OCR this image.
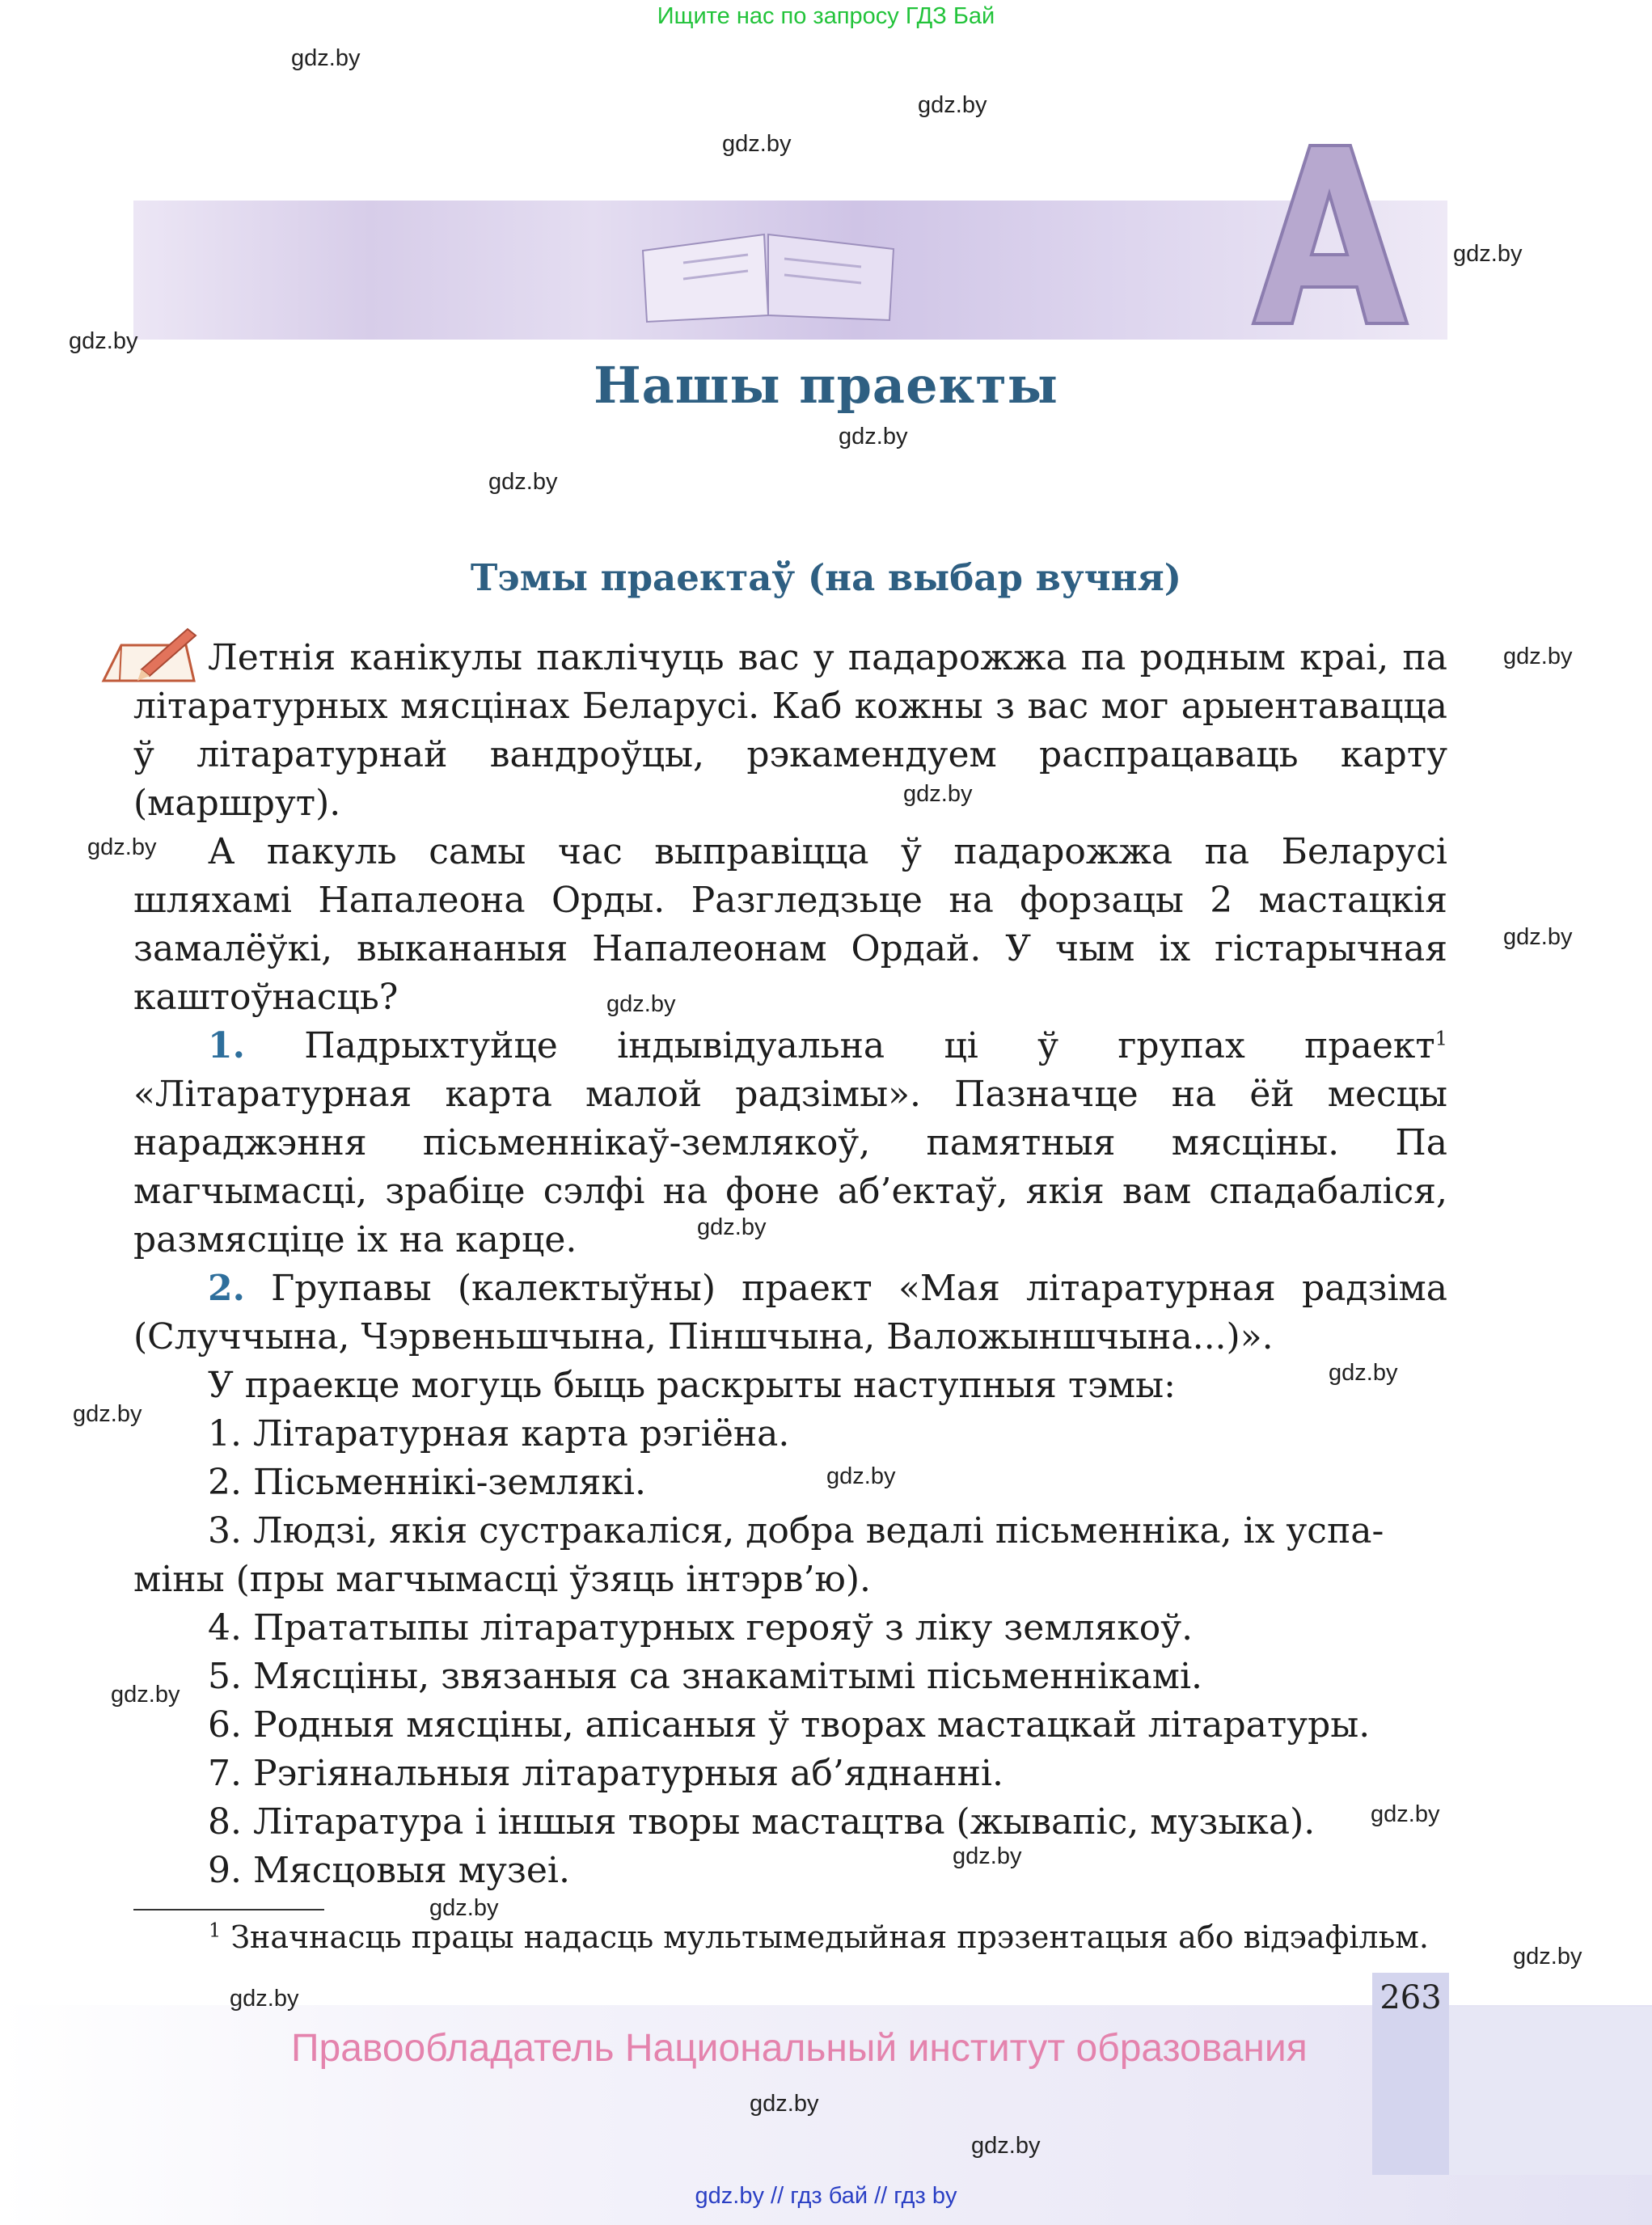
Ищите нас по запросу ГДЗ Бай
Нашы праекты
Тэмы праектаў (на выбар вучня)
Летнія канікулы паклічуць вас у падарожжа па родным краі, па літаратурных мясцінах Беларусі. Каб кожны з вас мог арыентавацца ў літаратурнай вандроўцы, рэкамендуем распрацаваць карту (маршрут).
А пакуль самы час выправіцца ў падарожжа па Беларусі шляхамі Напалеона Орды. Разгледзьце на форзацы 2 мастацкія замалёўкі, выкананыя Напалеонам Ордай. У чым іх гістарычная каштоўнасць?
1. Падрыхтуйце індывідуальна ці ў групах праект$^1$ «Літаратурная карта малой радзімы». Пазначце на ёй месцы нараджэння пісьменнікаў-землякоў, памятныя мясціны. Па магчымасці, зрабіце сэлфі на фоне аб’ектаў, якія вам спадабаліся, размясціце іх на карце.
2. Групавы (калектыўны) праект «Мая літаратурная радзіма (Случчына, Чэрвеньшчына, Піншчына, Валожыншчына...)».
У праекце могуць быць раскрыты наступныя тэмы:
1. Літаратурная карта рэгіёна.
2. Пісьменнікі-землякі.
3. Людзі, якія сустракаліся, добра ведалі пісьменніка, іх успа-
міны (пры магчымасці ўзяць інтэрв’ю).
4. Прататыпы літаратурных герояў з ліку землякоў.
5. Мясціны, звязаныя са знакамітымі пісьменнікамі.
6. Родныя мясціны, апісаныя ў творах мастацкай літаратуры.
7. Рэгіянальныя літаратурныя аб’яднанні.
8. Літаратура і іншыя творы мастацтва (жывапіс, музыка).
9. Мясцовыя музеі.
$^1$ Значнасць працы надасць мультымедыйная прэзентацыя або відэафільм.
263
Правообладатель Национальный институт образования
gdz.by // гдз бай // гдз by
gdz.by
gdz.by
gdz.by
gdz.by
gdz.by
gdz.by
gdz.by
gdz.by
gdz.by
gdz.by
gdz.by
gdz.by
gdz.by
gdz.by
gdz.by
gdz.by
gdz.by
gdz.by
gdz.by
gdz.by
gdz.by
gdz.by
gdz.by
gdz.by
